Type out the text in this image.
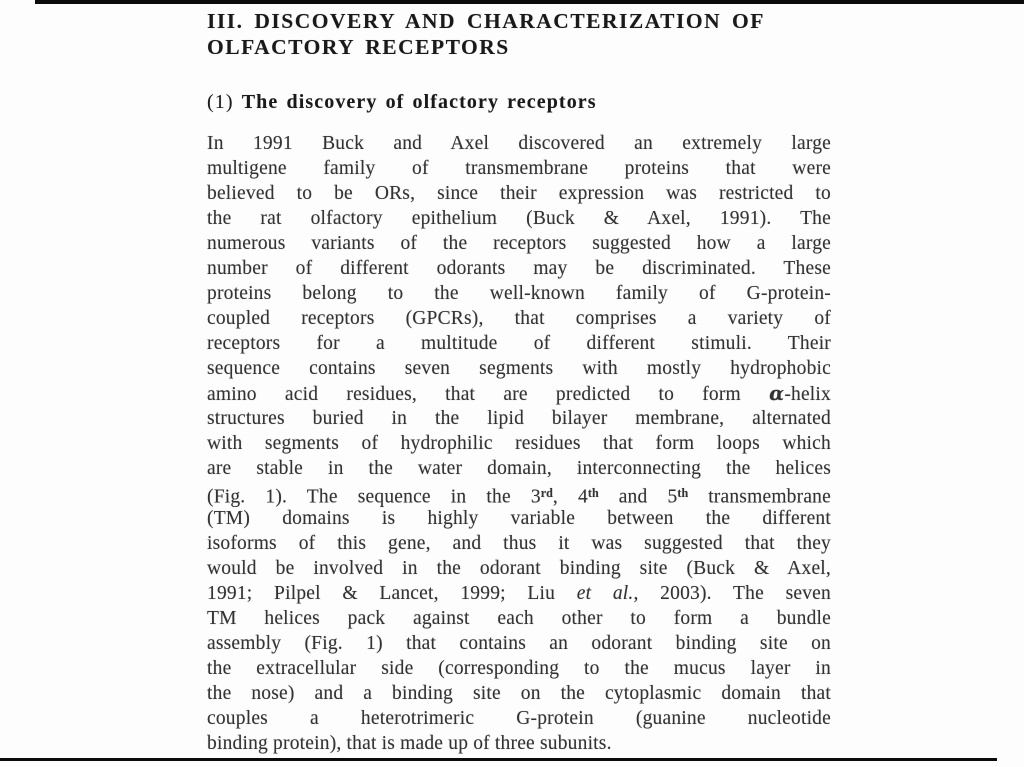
III. DISCOVERY AND CHARACTERIZATION OF
OLFACTORY RECEPTORS
(1) The discovery of olfactory receptors
In 1991 Buck and Axel discovered an extremely large
multigene family of transmembrane proteins that were
believed to be ORs, since their expression was restricted to
the rat olfactory epithelium (Buck & Axel, 1991). The
numerous variants of the receptors suggested how a large
number of different odorants may be discriminated. These
proteins belong to the well-known family of G-protein-
coupled receptors (GPCRs), that comprises a variety of
receptors for a multitude of different stimuli. Their
sequence contains seven segments with mostly hydrophobic
amino acid residues, that are predicted to form α-helix
structures buried in the lipid bilayer membrane, alternated
with segments of hydrophilic residues that form loops which
are stable in the water domain, interconnecting the helices
(Fig. 1). The sequence in the 3rd, 4th and 5th transmembrane
(TM) domains is highly variable between the different
isoforms of this gene, and thus it was suggested that they
would be involved in the odorant binding site (Buck & Axel,
1991; Pilpel & Lancet, 1999; Liu et al., 2003). The seven
TM helices pack against each other to form a bundle
assembly (Fig. 1) that contains an odorant binding site on
the extracellular side (corresponding to the mucus layer in
the nose) and a binding site on the cytoplasmic domain that
couples a heterotrimeric G-protein (guanine nucleotide
binding protein), that is made up of three subunits.
